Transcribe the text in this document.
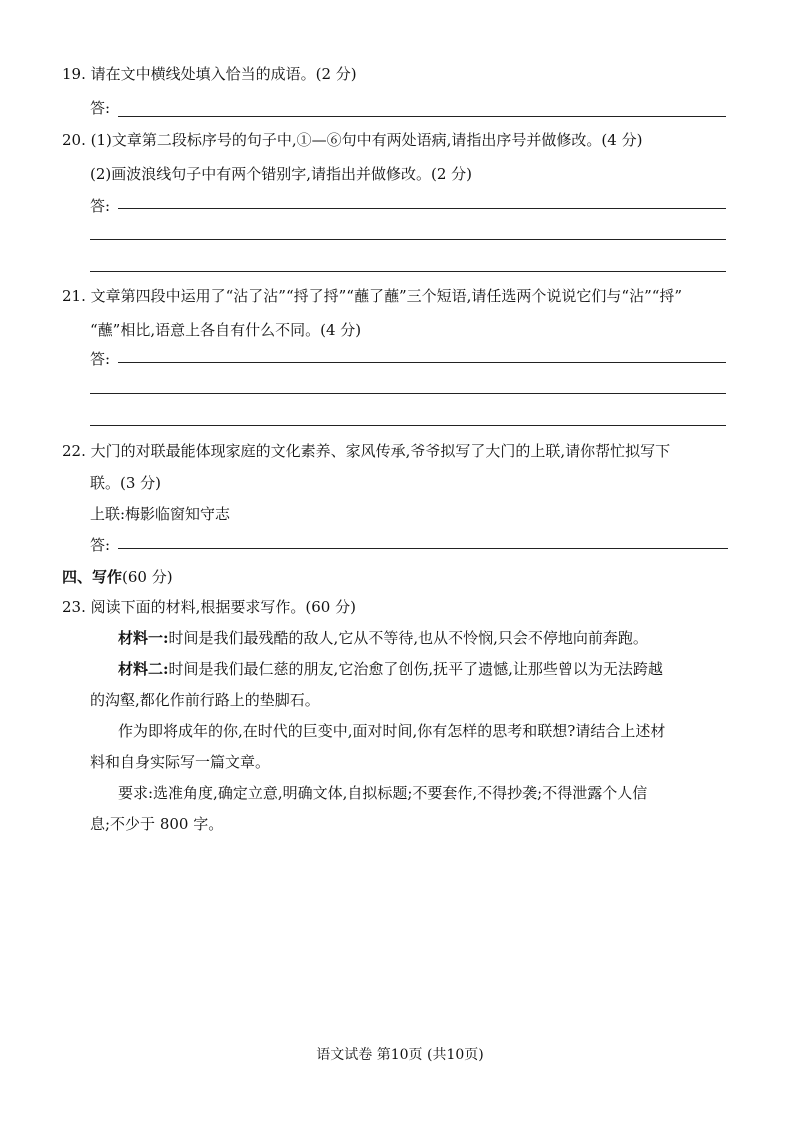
19. 请在文中横线处填入恰当的成语。(2 分)
答:
20. (1)文章第二段标序号的句子中,①—⑥句中有两处语病,请指出序号并做修改。(4 分)
(2)画波浪线句子中有两个错别字,请指出并做修改。(2 分)
答:
21. 文章第四段中运用了“沾了沾”“捋了捋”“蘸了蘸”三个短语,请任选两个说说它们与“沾”“捋”
“蘸”相比,语意上各自有什么不同。(4 分)
答:
22. 大门的对联最能体现家庭的文化素养、家风传承,爷爷拟写了大门的上联,请你帮忙拟写下
联。(3 分)
上联:梅影临窗知守志
答:
四、写作(60 分)
23. 阅读下面的材料,根据要求写作。(60 分)
材料一:时间是我们最残酷的敌人,它从不等待,也从不怜悯,只会不停地向前奔跑。
材料二:时间是我们最仁慈的朋友,它治愈了创伤,抚平了遗憾,让那些曾以为无法跨越
的沟壑,都化作前行路上的垫脚石。
作为即将成年的你,在时代的巨变中,面对时间,你有怎样的思考和联想?请结合上述材
料和自身实际写一篇文章。
要求:选准角度,确定立意,明确文体,自拟标题;不要套作,不得抄袭;不得泄露个人信
息;不少于 800 字。
语文试卷 第10页 (共10页)
